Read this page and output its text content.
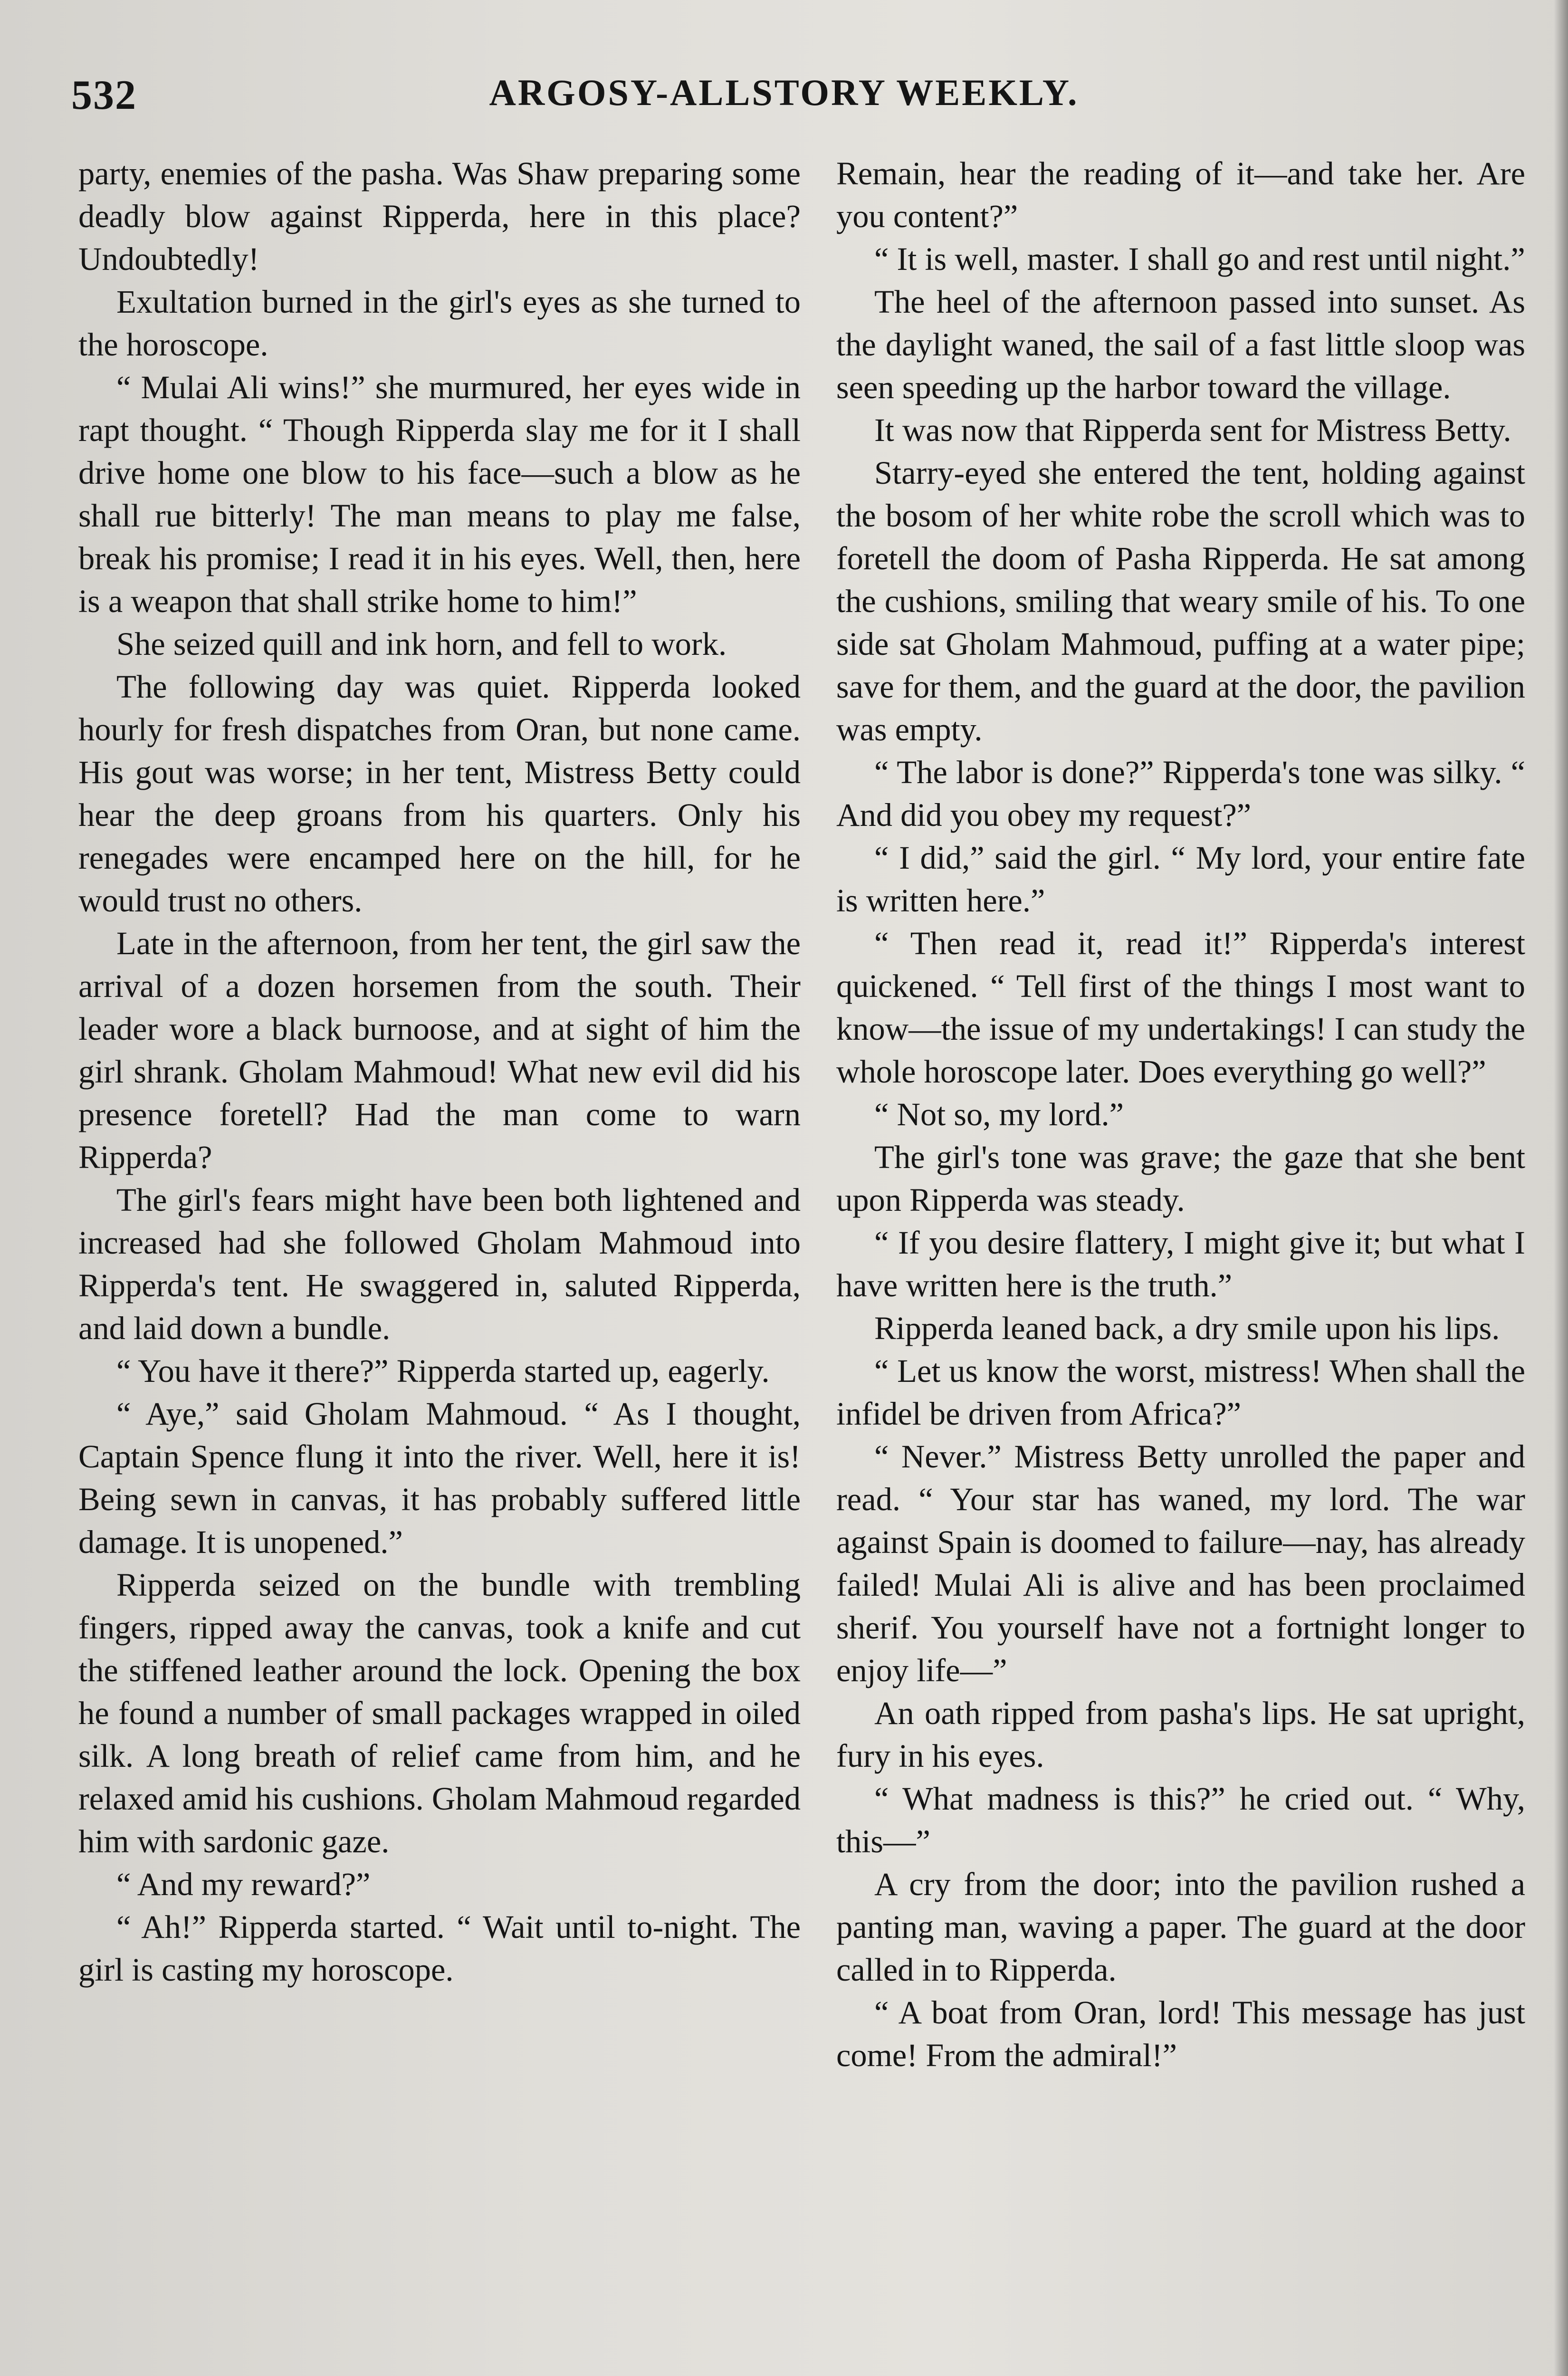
532	ARGOSY-ALLSTORY WEEKLY.

party, enemies of the pasha. Was Shaw preparing some deadly blow against Ripperda, here in this place? Undoubtedly!

Exultation burned in the girl's eyes as she turned to the horoscope.

“ Mulai Ali wins!” she murmured, her eyes wide in rapt thought. “ Though Ripperda slay me for it I shall drive home one blow to his face—such a blow as he shall rue bitterly! The man means to play me false, break his promise; I read it in his eyes. Well, then, here is a weapon that shall strike home to him!”

She seized quill and ink horn, and fell to work.

The following day was quiet. Ripperda looked hourly for fresh dispatches from Oran, but none came. His gout was worse; in her tent, Mistress Betty could hear the deep groans from his quarters. Only his renegades were encamped here on the hill, for he would trust no others.

Late in the afternoon, from her tent, the girl saw the arrival of a dozen horsemen from the south. Their leader wore a black burnoose, and at sight of him the girl shrank. Gholam Mahmoud! What new evil did his presence foretell? Had the man come to warn Ripperda?

The girl's fears might have been both lightened and increased had she followed Gholam Mahmoud into Ripperda's tent. He swaggered in, saluted Ripperda, and laid down a bundle.

“ You have it there?” Ripperda started up, eagerly.

“ Aye,” said Gholam Mahmoud. “ As I thought, Captain Spence flung it into the river. Well, here it is! Being sewn in canvas, it has probably suffered little damage. It is unopened.”

Ripperda seized on the bundle with trembling fingers, ripped away the canvas, took a knife and cut the stiffened leather around the lock. Opening the box he found a number of small packages wrapped in oiled silk. A long breath of relief came from him, and he relaxed amid his cushions. Gholam Mahmoud regarded him with sardonic gaze.

“ And my reward?”

“ Ah!” Ripperda started. “ Wait until to-night. The girl is casting my horoscope.

Remain, hear the reading of it—and take her. Are you content?”

“ It is well, master. I shall go and rest until night.”

The heel of the afternoon passed into sunset. As the daylight waned, the sail of a fast little sloop was seen speeding up the harbor toward the village.

It was now that Ripperda sent for Mistress Betty.

Starry-eyed she entered the tent, holding against the bosom of her white robe the scroll which was to foretell the doom of Pasha Ripperda. He sat among the cushions, smiling that weary smile of his. To one side sat Gholam Mahmoud, puffing at a water pipe; save for them, and the guard at the door, the pavilion was empty.

“ The labor is done?” Ripperda's tone was silky. “ And did you obey my request?”

“ I did,” said the girl. “ My lord, your entire fate is written here.”

“ Then read it, read it!” Ripperda's interest quickened. “ Tell first of the things I most want to know—the issue of my undertakings! I can study the whole horoscope later. Does everything go well?”

“ Not so, my lord.”

The girl's tone was grave; the gaze that she bent upon Ripperda was steady.

“ If you desire flattery, I might give it; but what I have written here is the truth.”

Ripperda leaned back, a dry smile upon his lips.

“ Let us know the worst, mistress! When shall the infidel be driven from Africa?”

“ Never.” Mistress Betty unrolled the paper and read. “ Your star has waned, my lord. The war against Spain is doomed to failure—nay, has already failed! Mulai Ali is alive and has been proclaimed sherif. You yourself have not a fortnight longer to enjoy life—”

An oath ripped from pasha's lips. He sat upright, fury in his eyes.

“ What madness is this?” he cried out. “ Why, this—”

A cry from the door; into the pavilion rushed a panting man, waving a paper. The guard at the door called in to Ripperda.

“ A boat from Oran, lord! This message has just come! From the admiral!”
